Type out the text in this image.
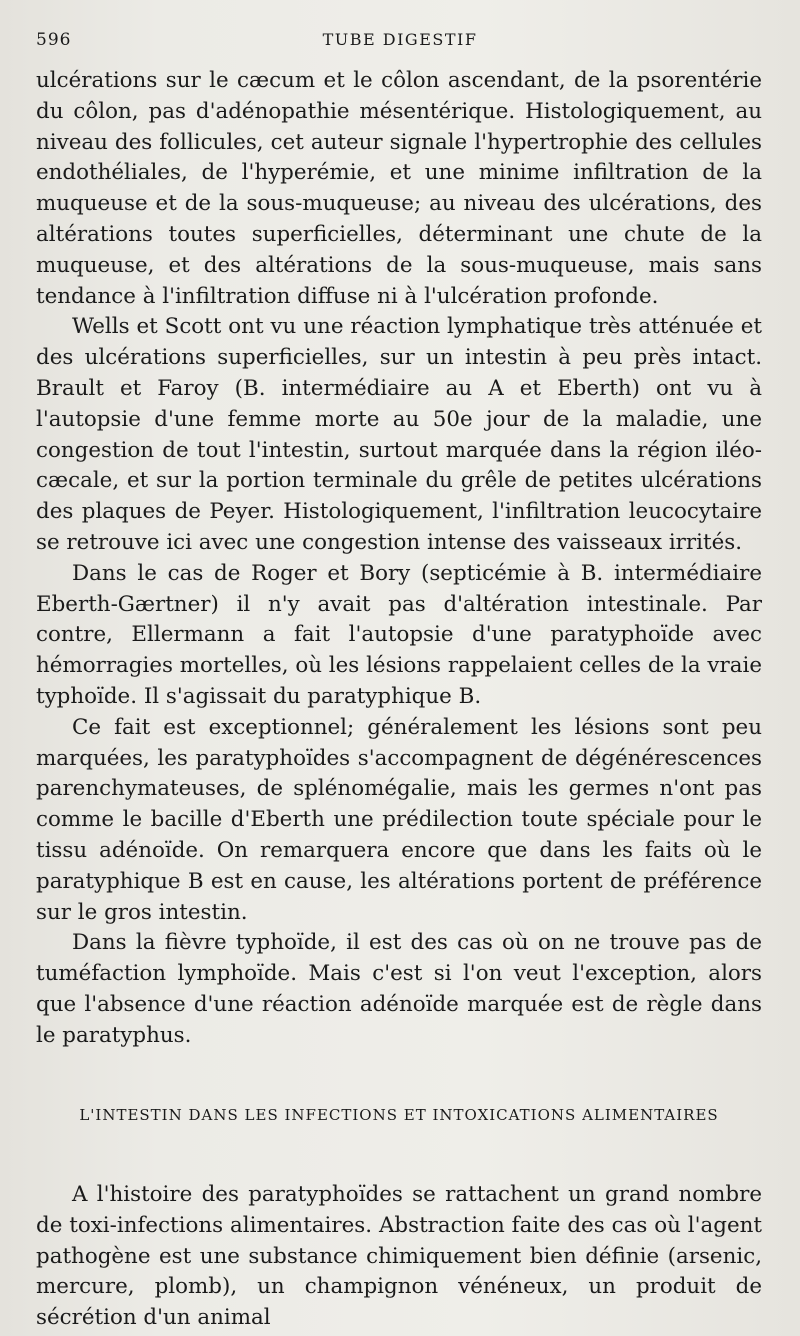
596	TUBE DIGESTIF

ulcérations sur le cæcum et le côlon ascendant, de la psorentérie du côlon, pas d'adénopathie mésentérique. Histologiquement, au niveau des follicules, cet auteur signale l'hypertrophie des cellules endothéliales, de l'hyperémie, et une minime infiltration de la muqueuse et de la sous-muqueuse; au niveau des ulcérations, des altérations toutes superficielles, déterminant une chute de la muqueuse, et des altérations de la sous-muqueuse, mais sans tendance à l'infiltration diffuse ni à l'ulcération profonde.

Wells et Scott ont vu une réaction lymphatique très atténuée et des ulcérations superficielles, sur un intestin à peu près intact. Brault et Faroy (B. intermédiaire au A et Eberth) ont vu à l'autopsie d'une femme morte au 50e jour de la maladie, une congestion de tout l'intestin, surtout marquée dans la région iléo-cæcale, et sur la portion terminale du grêle de petites ulcérations des plaques de Peyer. Histologiquement, l'infiltration leucocytaire se retrouve ici avec une congestion intense des vaisseaux irrités.

Dans le cas de Roger et Bory (septicémie à B. intermédiaire Eberth-Gærtner) il n'y avait pas d'altération intestinale. Par contre, Ellermann a fait l'autopsie d'une paratyphoïde avec hémorragies mortelles, où les lésions rappelaient celles de la vraie typhoïde. Il s'agissait du paratyphique B.

Ce fait est exceptionnel; généralement les lésions sont peu marquées, les paratyphoïdes s'accompagnent de dégénérescences parenchymateuses, de splénomégalie, mais les germes n'ont pas comme le bacille d'Eberth une prédilection toute spéciale pour le tissu adénoïde. On remarquera encore que dans les faits où le paratyphique B est en cause, les altérations portent de préférence sur le gros intestin.

Dans la fièvre typhoïde, il est des cas où on ne trouve pas de tuméfaction lymphoïde. Mais c'est si l'on veut l'exception, alors que l'absence d'une réaction adénoïde marquée est de règle dans le paratyphus.

L'INTESTIN DANS LES INFECTIONS ET INTOXICATIONS ALIMENTAIRES

A l'histoire des paratyphoïdes se rattachent un grand nombre de toxi-infections alimentaires. Abstraction faite des cas où l'agent pathogène est une substance chimiquement bien définie (arsenic, mercure, plomb), un champignon vénéneux, un produit de sécrétion d'un animal
